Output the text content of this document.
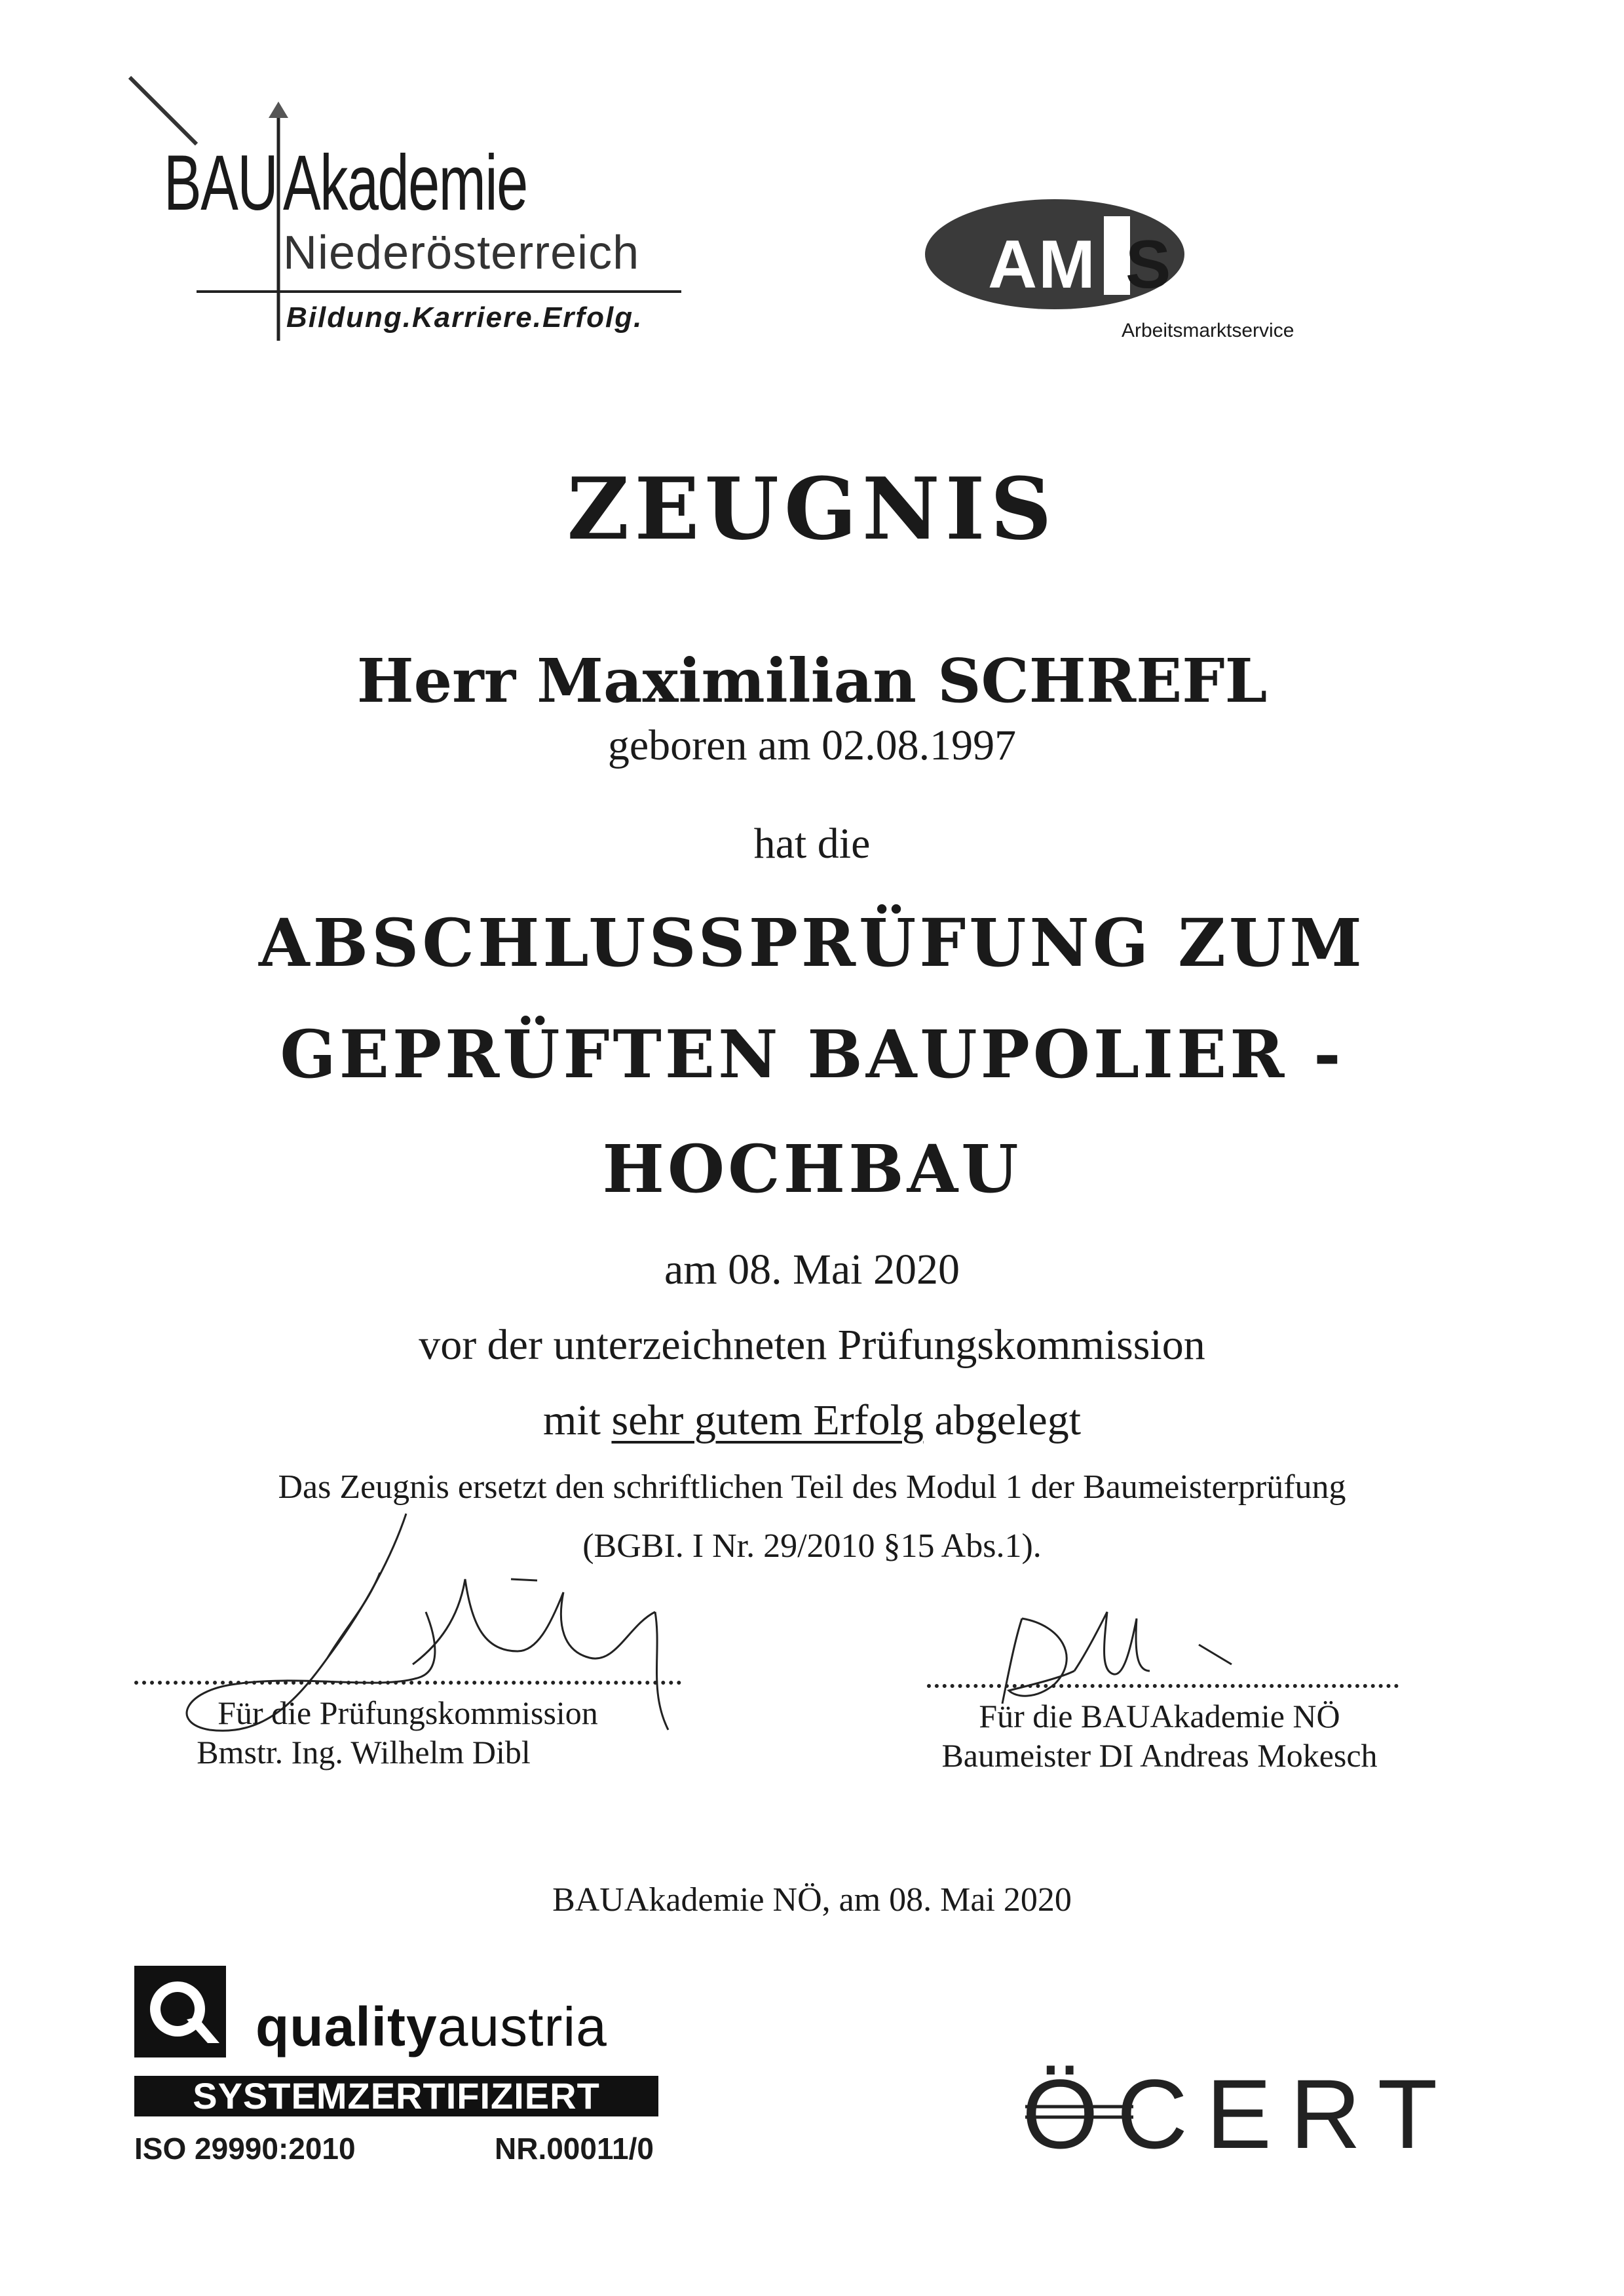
BAU Akademie
Niederösterreich
Bildung.Karriere.Erfolg.
AM S
Arbeitsmarktservice
ZEUGNIS
Herr Maximilian SCHREFL
geboren am 02.08.1997
hat die
ABSCHLUSSPRÜFUNG ZUM
GEPRÜFTEN BAUPOLIER -
HOCHBAU
am 08. Mai 2020
vor der unterzeichneten Prüfungskommission
mit sehr gutem Erfolg abgelegt
Das Zeugnis ersetzt den schriftlichen Teil des Modul 1 der Baumeisterprüfung
(BGBI. I Nr. 29/2010 §15 Abs.1).
Für die Prüfungskommission
Bmstr. Ing. Wilhelm Dibl
Für die BAUAkademie NÖ
Baumeister DI Andreas Mokesch
BAUAkademie NÖ, am 08. Mai 2020
qualityaustria
SYSTEMZERTIFIZIERT
ISO 29990:2010	NR.00011/0	ÖCERT
